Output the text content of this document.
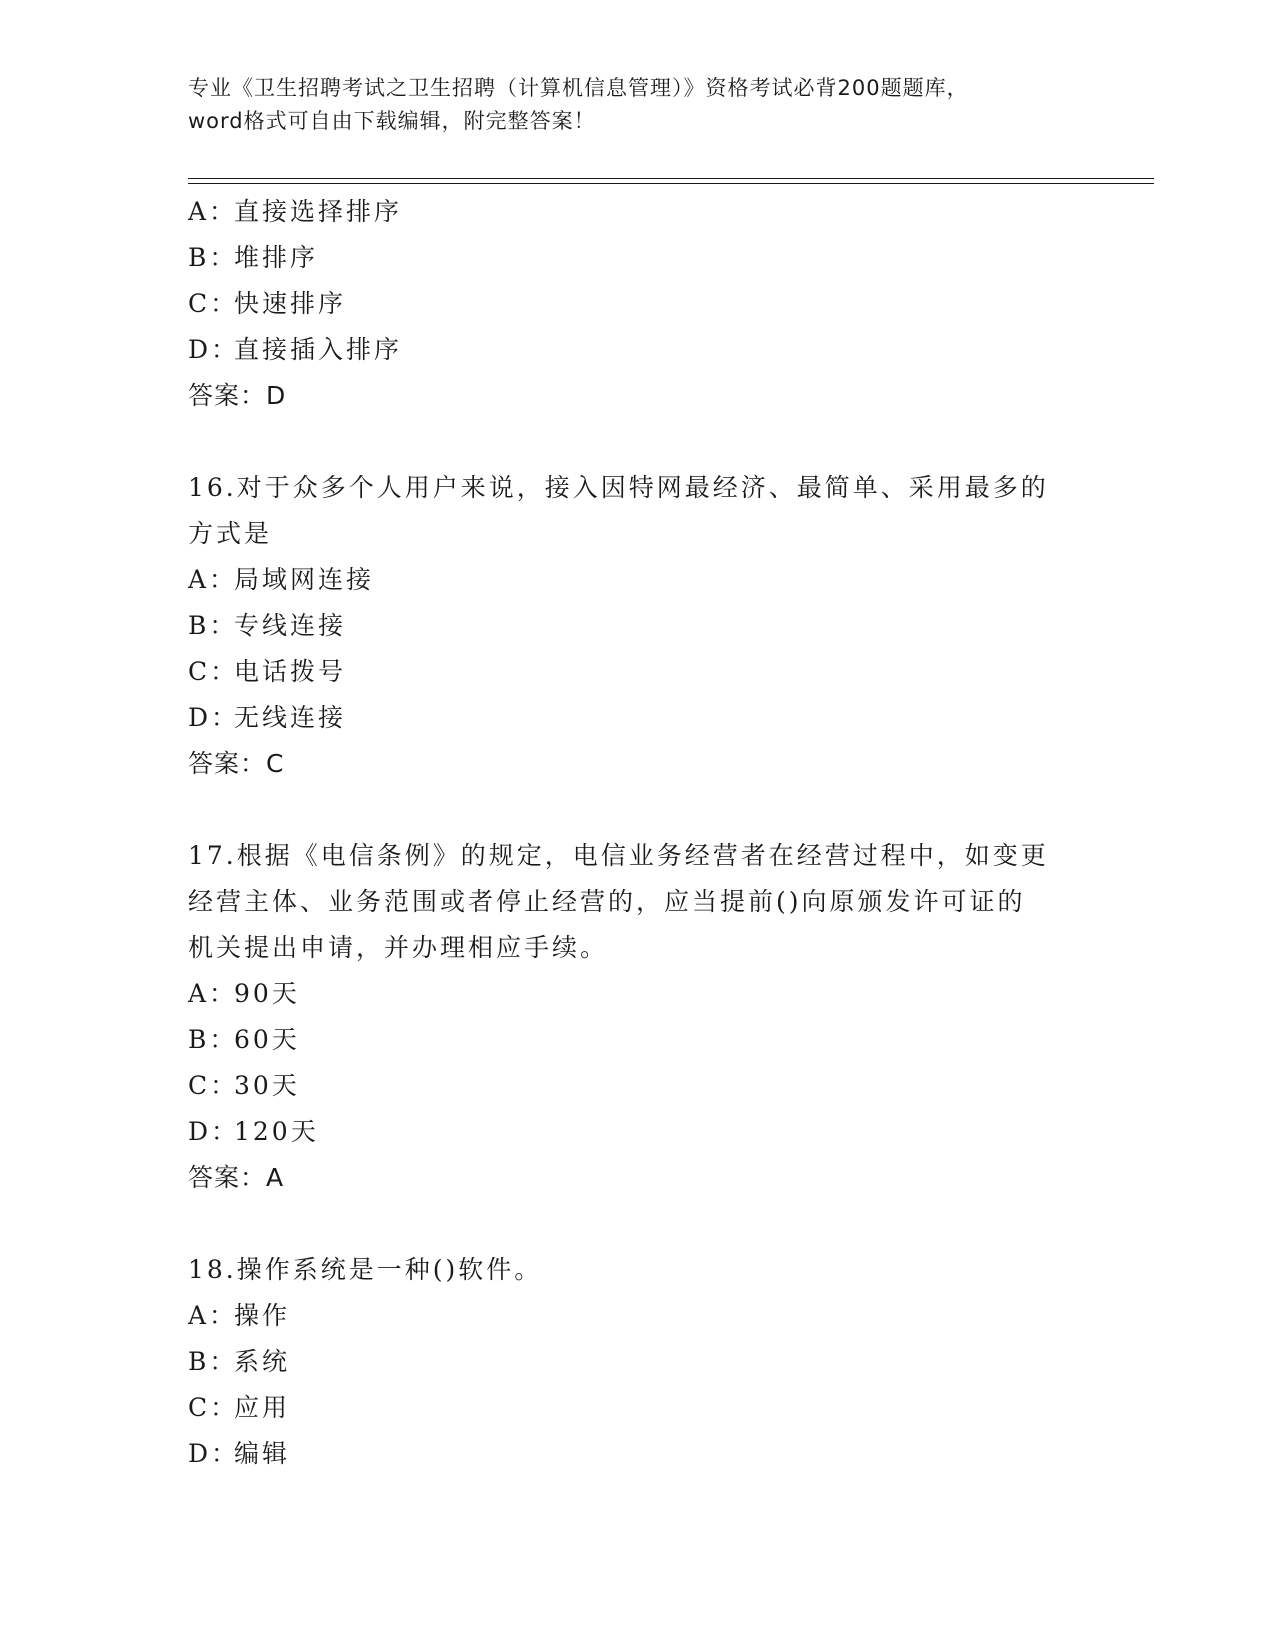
专业《卫生招聘考试之卫生招聘（计算机信息管理）》资格考试必背200题题库，
word格式可自由下载编辑，附完整答案！
A：直接选择排序
B：堆排序
C：快速排序
D：直接插入排序
答案：D
16.对于众多个人用户来说，接入因特网最经济、最简单、采用最多的
方式是
A：局域网连接
B：专线连接
C：电话拨号
D：无线连接
答案：C
17.根据《电信条例》的规定，电信业务经营者在经营过程中，如变更
经营主体、业务范围或者停止经营的，应当提前()向原颁发许可证的
机关提出申请，并办理相应手续。
A：90天
B：60天
C：30天
D：120天
答案：A
18.操作系统是一种()软件。
A：操作
B：系统
C：应用
D：编辑
